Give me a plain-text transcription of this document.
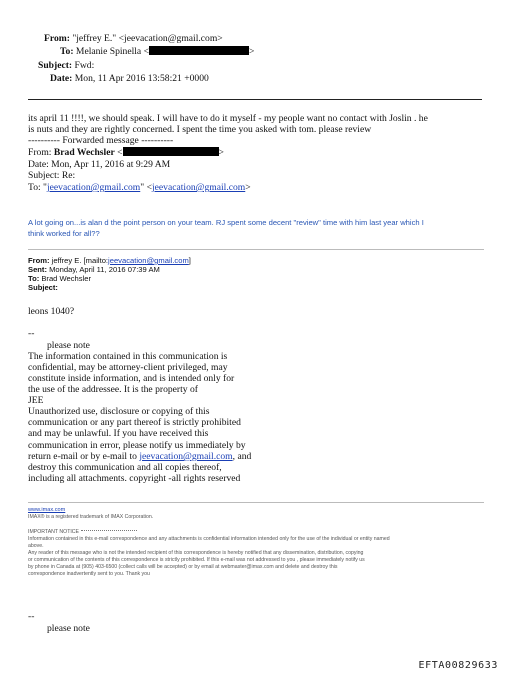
From: "jeffrey E." <jeevacation@gmail.com>
To: Melanie Spinella <	>
Subject: Fwd:
Date: Mon, 11 Apr 2016 13:58:21 +0000
its april 11 !!!!, we should speak. I will have to do it myself - my people want no contact with Joslin . he
is nuts and they are rightly concerned. I spent the time you asked with tom. please review
---------- Forwarded message ----------
From: Brad Wechsler <	>
Date: Mon, Apr 11, 2016 at 9:29 AM
Subject: Re:
To: "jeevacation@gmail.com" <jeevacation@gmail.com>
A lot going on...is alan d the point person on your team. RJ spent some decent "review" time with him last year which I
think worked for all??
From: jeffrey E. [mailto:jeevacation@gmail.com]
Sent: Monday, April 11, 2016 07:39 AM
To: Brad Wechsler
Subject:
leons 1040?
--
please note
The information contained in this communication is
confidential, may be attorney-client privileged, may
constitute inside information, and is intended only for
the use of the addressee. It is the property of
JEE
Unauthorized use, disclosure or copying of this
communication or any part thereof is strictly prohibited
and may be unlawful. If you have received this
communication in error, please notify us immediately by
return e-mail or by e-mail to jeevacation@gmail.com, and
destroy this communication and all copies thereof,
including all attachments. copyright -all rights reserved
www.imax.com
IMAX® is a registered trademark of IMAX Corporation.
IMPORTANT NOTICE
Information contained in this e-mail correspondence and any attachments is confidential information intended only for the use of the individual or entity named
above.
Any reader of this message who is not the intended recipient of this correspondence is hereby notified that any dissemination, distribution, copying
or communication of the contents of this correspondence is strictly prohibited. If this e-mail was not addressed to you , please immediately notify us
by phone in Canada at (905) 403-6500 (collect calls will be accepted) or by email at webmaster@imax.com and delete and destroy this
correspondence inadvertently sent to you. Thank you
--
please note
EFTA00829633
